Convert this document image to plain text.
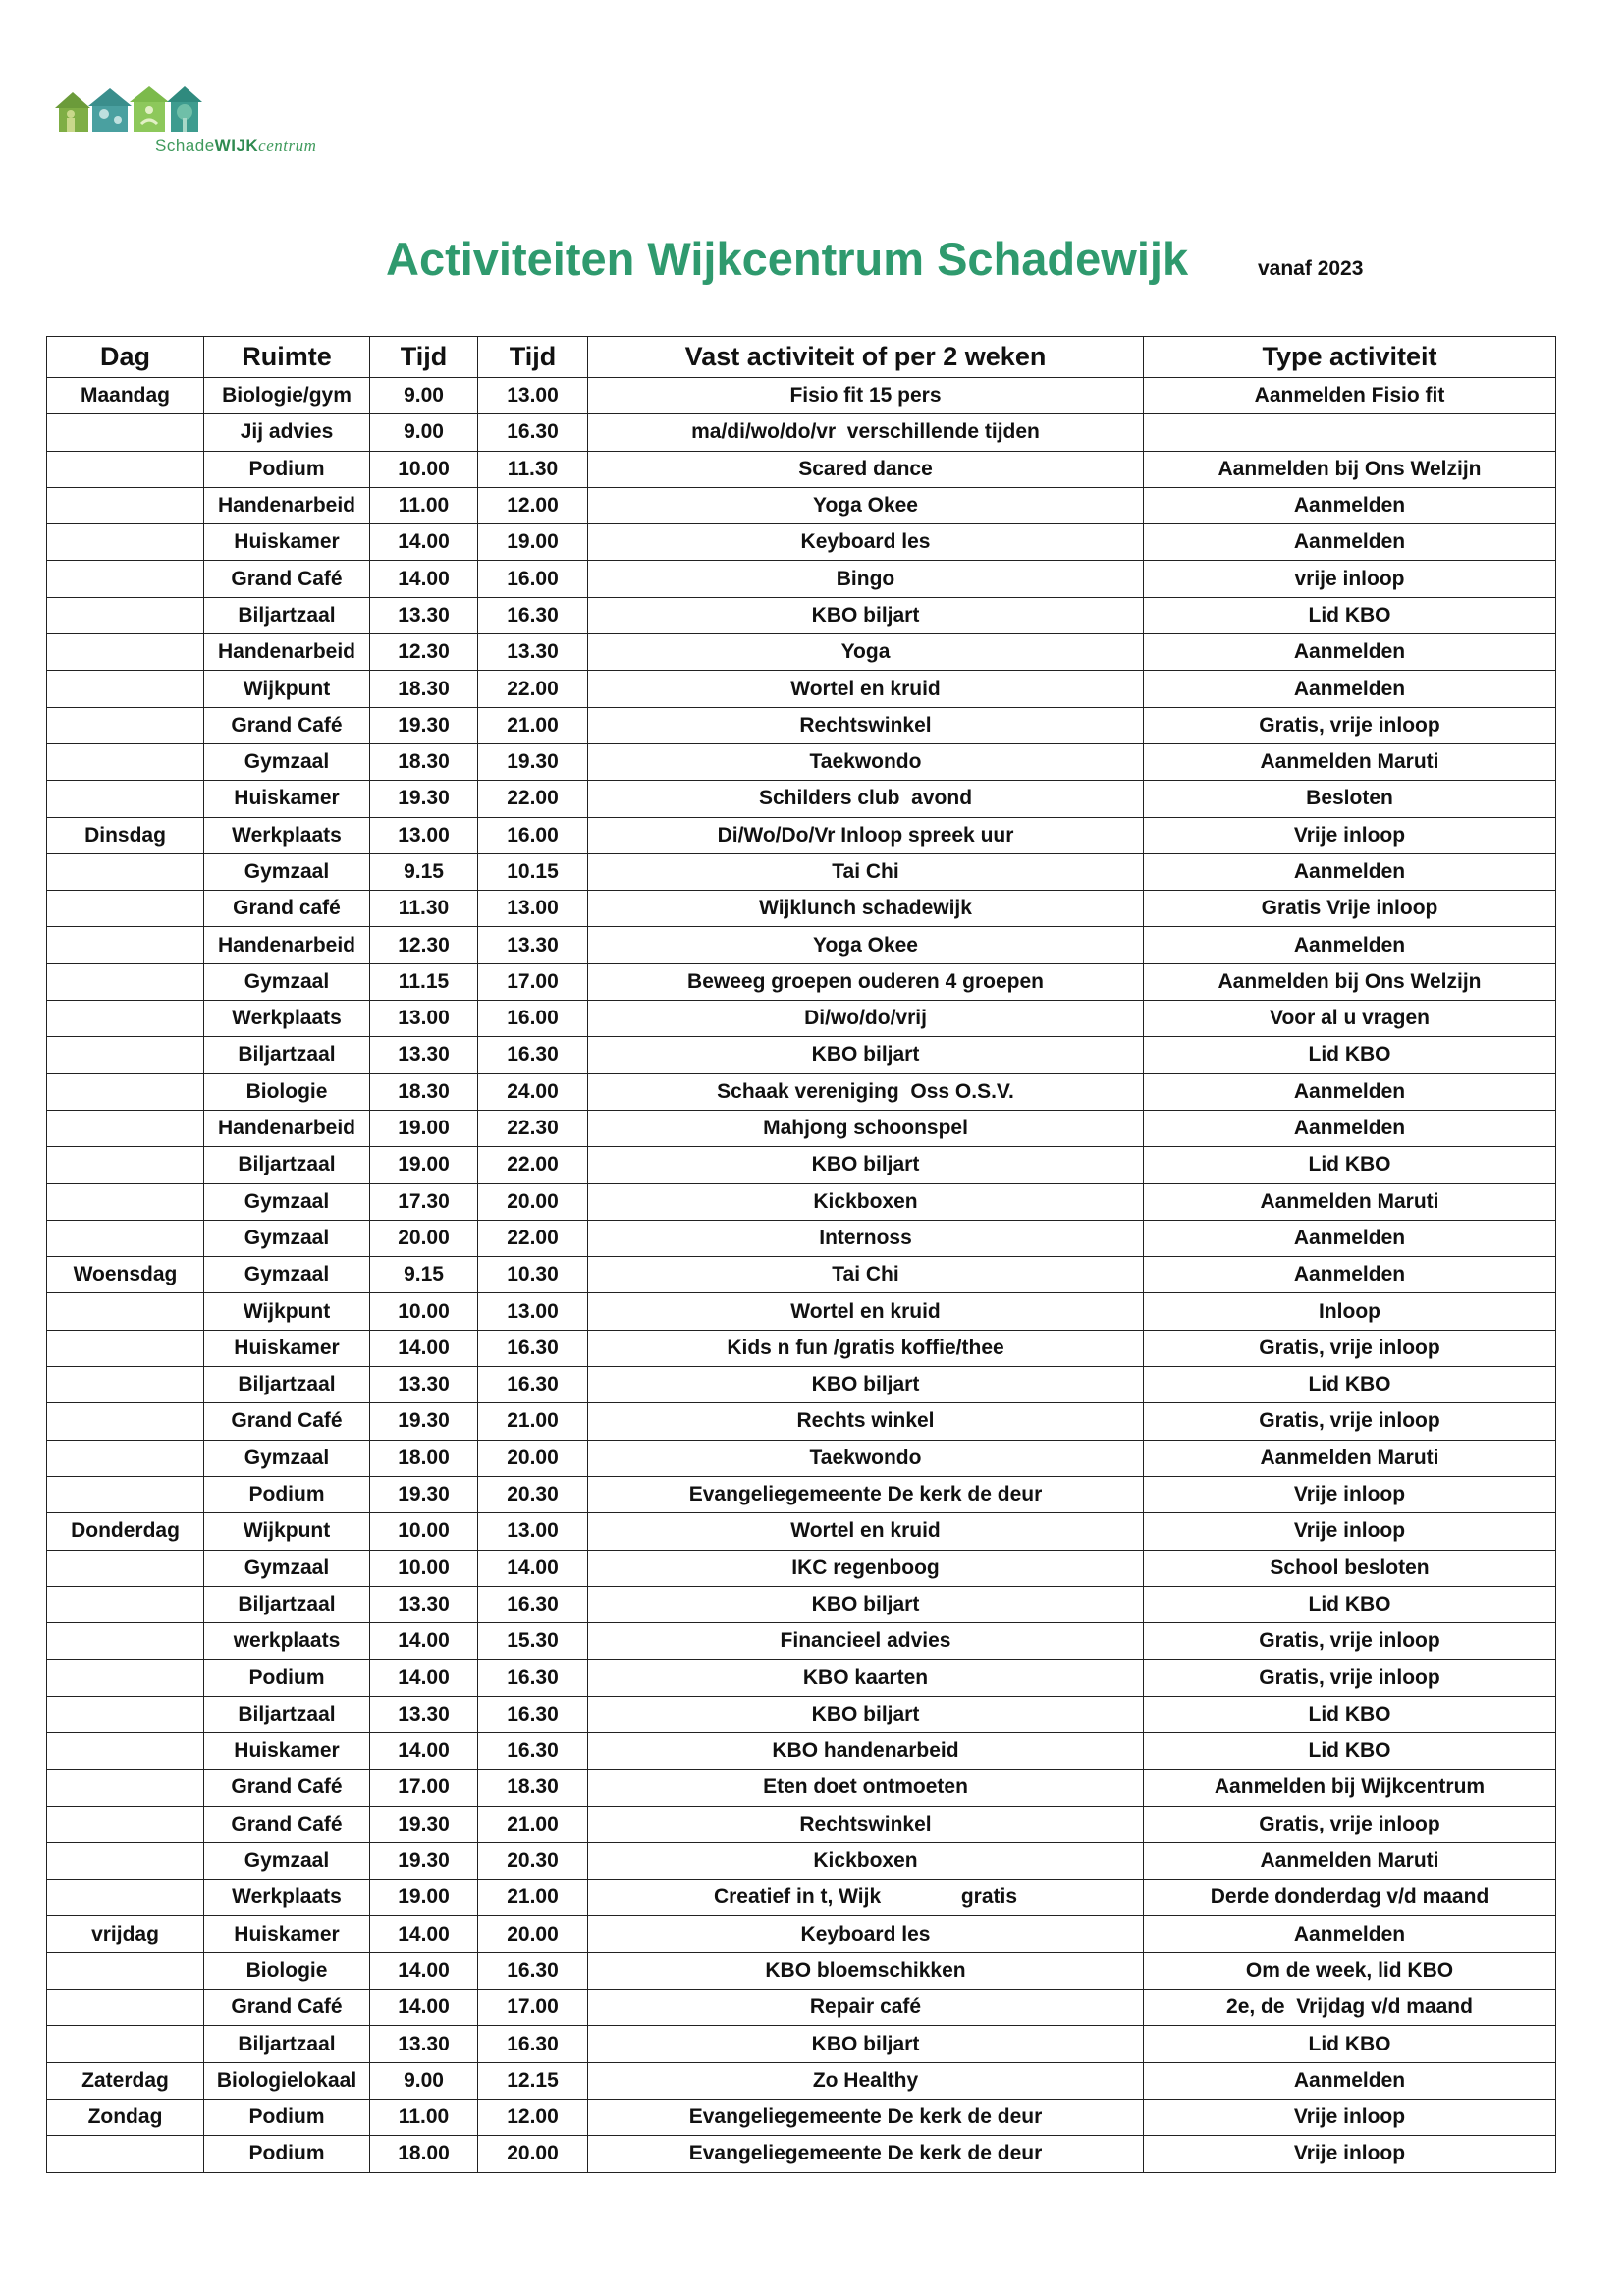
SchadeWIJKcentrum
Activiteiten Wijkcentrum Schadewijk	vanaf 2023
Dag	Ruimte	Tijd	Tijd	Vast activiteit of per 2 weken	Type activiteit
Maandag	Biologie/gym	9.00	13.00	Fisio fit 15 pers	Aanmelden Fisio fit
	Jij advies	9.00	16.30	ma/di/wo/do/vr  verschillende tijden	
	Podium	10.00	11.30	Scared dance	Aanmelden bij Ons Welzijn
	Handenarbeid	11.00	12.00	Yoga Okee	Aanmelden
	Huiskamer	14.00	19.00	Keyboard les	Aanmelden
	Grand Café	14.00	16.00	Bingo	vrije inloop
	Biljartzaal	13.30	16.30	KBO biljart	Lid KBO
	Handenarbeid	12.30	13.30	Yoga	Aanmelden
	Wijkpunt	18.30	22.00	Wortel en kruid	Aanmelden
	Grand Café	19.30	21.00	Rechtswinkel	Gratis, vrije inloop
	Gymzaal	18.30	19.30	Taekwondo	Aanmelden Maruti
	Huiskamer	19.30	22.00	Schilders club  avond	Besloten
Dinsdag	Werkplaats	13.00	16.00	Di/Wo/Do/Vr Inloop spreek uur	Vrije inloop
	Gymzaal	9.15	10.15	Tai Chi	Aanmelden
	Grand café	11.30	13.00	Wijklunch schadewijk	Gratis Vrije inloop
	Handenarbeid	12.30	13.30	Yoga Okee	Aanmelden
	Gymzaal	11.15	17.00	Beweeg groepen ouderen 4 groepen	Aanmelden bij Ons Welzijn
	Werkplaats	13.00	16.00	Di/wo/do/vrij	Voor al u vragen
	Biljartzaal	13.30	16.30	KBO biljart	Lid KBO
	Biologie	18.30	24.00	Schaak vereniging  Oss O.S.V.	Aanmelden
	Handenarbeid	19.00	22.30	Mahjong schoonspel	Aanmelden
	Biljartzaal	19.00	22.00	KBO biljart	Lid KBO
	Gymzaal	17.30	20.00	Kickboxen	Aanmelden Maruti
	Gymzaal	20.00	22.00	Internoss	Aanmelden
Woensdag	Gymzaal	9.15	10.30	Tai Chi	Aanmelden
	Wijkpunt	10.00	13.00	Wortel en kruid	Inloop
	Huiskamer	14.00	16.30	Kids n fun /gratis koffie/thee	Gratis, vrije inloop
	Biljartzaal	13.30	16.30	KBO biljart	Lid KBO
	Grand Café	19.30	21.00	Rechts winkel	Gratis, vrije inloop
	Gymzaal	18.00	20.00	Taekwondo	Aanmelden Maruti
	Podium	19.30	20.30	Evangeliegemeente De kerk de deur	Vrije inloop
Donderdag	Wijkpunt	10.00	13.00	Wortel en kruid	Vrije inloop
	Gymzaal	10.00	14.00	IKC regenboog	School besloten
	Biljartzaal	13.30	16.30	KBO biljart	Lid KBO
	werkplaats	14.00	15.30	Financieel advies	Gratis, vrije inloop
	Podium	14.00	16.30	KBO kaarten	Gratis, vrije inloop
	Biljartzaal	13.30	16.30	KBO biljart	Lid KBO
	Huiskamer	14.00	16.30	KBO handenarbeid	Lid KBO
	Grand Café	17.00	18.30	Eten doet ontmoeten	Aanmelden bij Wijkcentrum
	Grand Café	19.30	21.00	Rechtswinkel	Gratis, vrije inloop
	Gymzaal	19.30	20.30	Kickboxen	Aanmelden Maruti
	Werkplaats	19.00	21.00	Creatief in t, Wijk              gratis	Derde donderdag v/d maand
vrijdag	Huiskamer	14.00	20.00	Keyboard les	Aanmelden
	Biologie	14.00	16.30	KBO bloemschikken	Om de week, lid KBO
	Grand Café	14.00	17.00	Repair café	2e, de  Vrijdag v/d maand
	Biljartzaal	13.30	16.30	KBO biljart	Lid KBO
Zaterdag	Biologielokaal	9.00	12.15	Zo Healthy	Aanmelden
Zondag	Podium	11.00	12.00	Evangeliegemeente De kerk de deur	Vrije inloop
	Podium	18.00	20.00	Evangeliegemeente De kerk de deur	Vrije inloop
